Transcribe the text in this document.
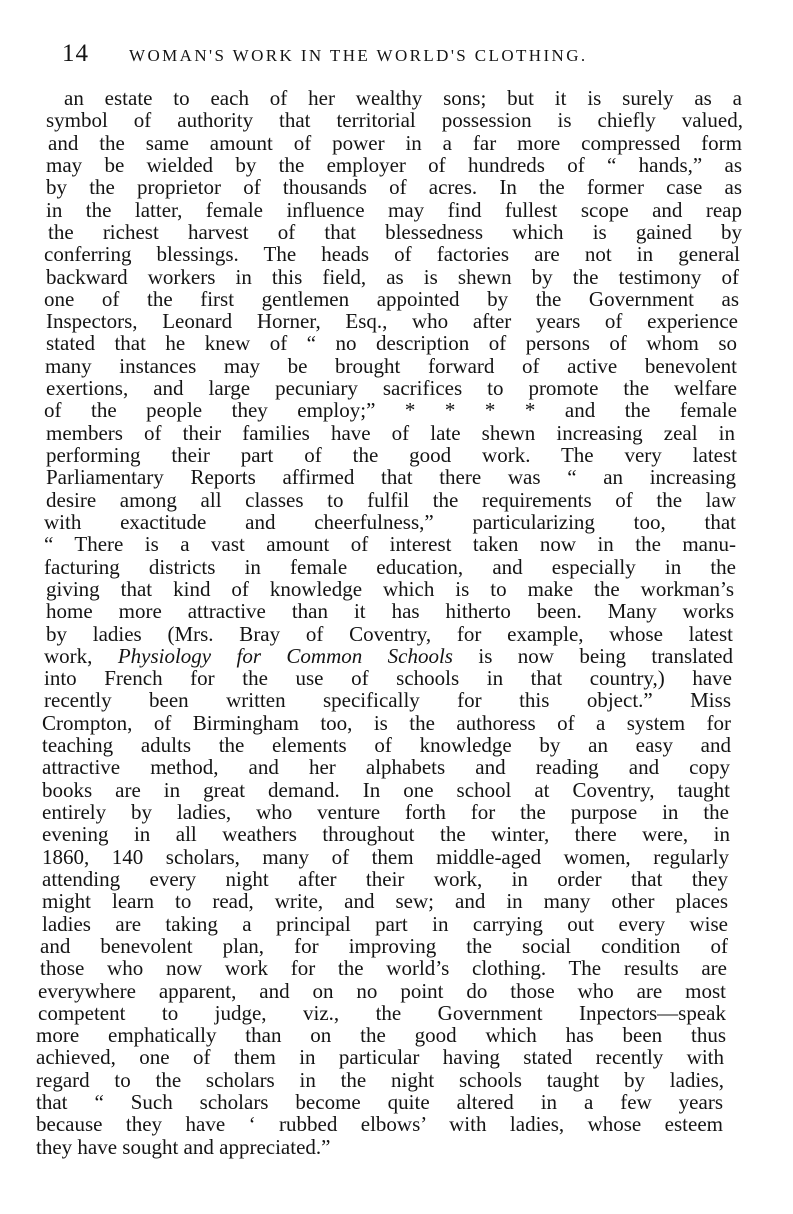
14 WOMAN'S WORK IN THE WORLD'S CLOTHING.
an estate to each of her wealthy sons; but it is surely as a
symbol of authority that territorial possession is chiefly valued,
and the same amount of power in a far more compressed form
may be wielded by the employer of hundreds of “ hands,” as
by the proprietor of thousands of acres. In the former case as
in the latter, female influence may find fullest scope and reap
the richest harvest of that blessedness which is gained by
conferring blessings. The heads of factories are not in general
backward workers in this field, as is shewn by the testimony of
one of the first gentlemen appointed by the Government as
Inspectors, Leonard Horner, Esq., who after years of experience
stated that he knew of “ no description of persons of whom so
many instances may be brought forward of active benevolent
exertions, and large pecuniary sacrifices to promote the welfare
of the people they employ;” * * * * and the female
members of their families have of late shewn increasing zeal in
performing their part of the good work. The very latest
Parliamentary Reports affirmed that there was “ an increasing
desire among all classes to fulfil the requirements of the law
with exactitude and cheerfulness,” particularizing too, that
“ There is a vast amount of interest taken now in the manu-
facturing districts in female education, and especially in the
giving that kind of knowledge which is to make the workman’s
home more attractive than it has hitherto been. Many works
by ladies (Mrs. Bray of Coventry, for example, whose latest
work, Physiology for Common Schools is now being translated
into French for the use of schools in that country,) have
recently been written specifically for this object.” Miss
Crompton, of Birmingham too, is the authoress of a system for
teaching adults the elements of knowledge by an easy and
attractive method, and her alphabets and reading and copy
books are in great demand. In one school at Coventry, taught
entirely by ladies, who venture forth for the purpose in the
evening in all weathers throughout the winter, there were, in
1860, 140 scholars, many of them middle-aged women, regularly
attending every night after their work, in order that they
might learn to read, write, and sew; and in many other places
ladies are taking a principal part in carrying out every wise
and benevolent plan, for improving the social condition of
those who now work for the world’s clothing. The results are
everywhere apparent, and on no point do those who are most
competent to judge, viz., the Government Inpectors—speak
more emphatically than on the good which has been thus
achieved, one of them in particular having stated recently with
regard to the scholars in the night schools taught by ladies,
that “ Such scholars become quite altered in a few years
because they have ‘ rubbed elbows’ with ladies, whose esteem
they have sought and appreciated.”
